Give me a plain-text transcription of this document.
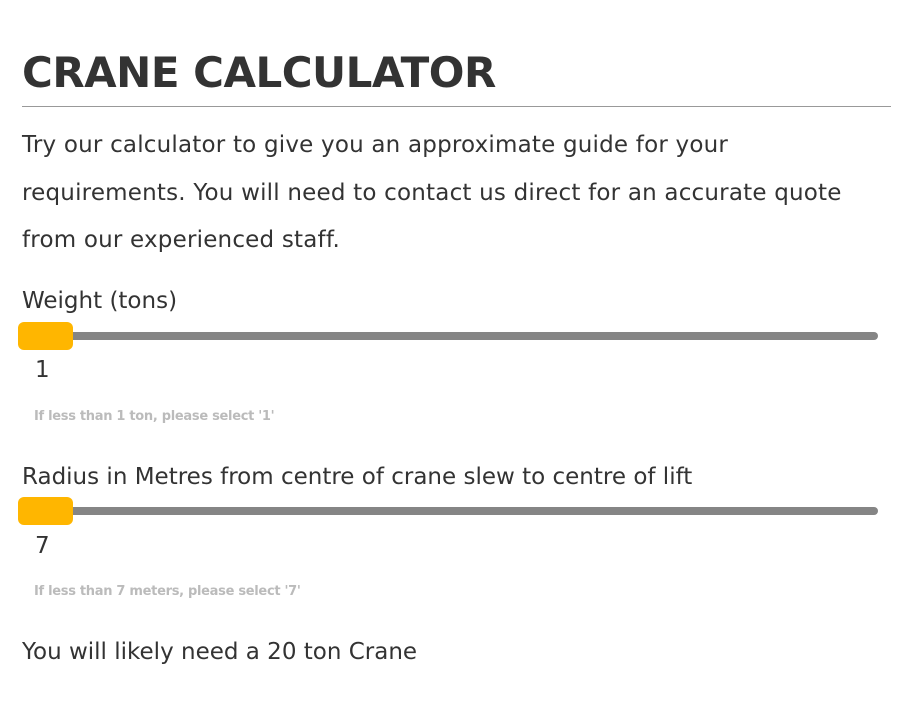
CRANE CALCULATOR

Try our calculator to give you an approximate guide for your requirements. You will need to contact us direct for an accurate quote from our experienced staff.

Weight (tons)
1
If less than 1 ton, please select '1'
Radius in Metres from centre of crane slew to centre of lift
7
If less than 7 meters, please select '7'
You will likely need a 20 ton Crane
